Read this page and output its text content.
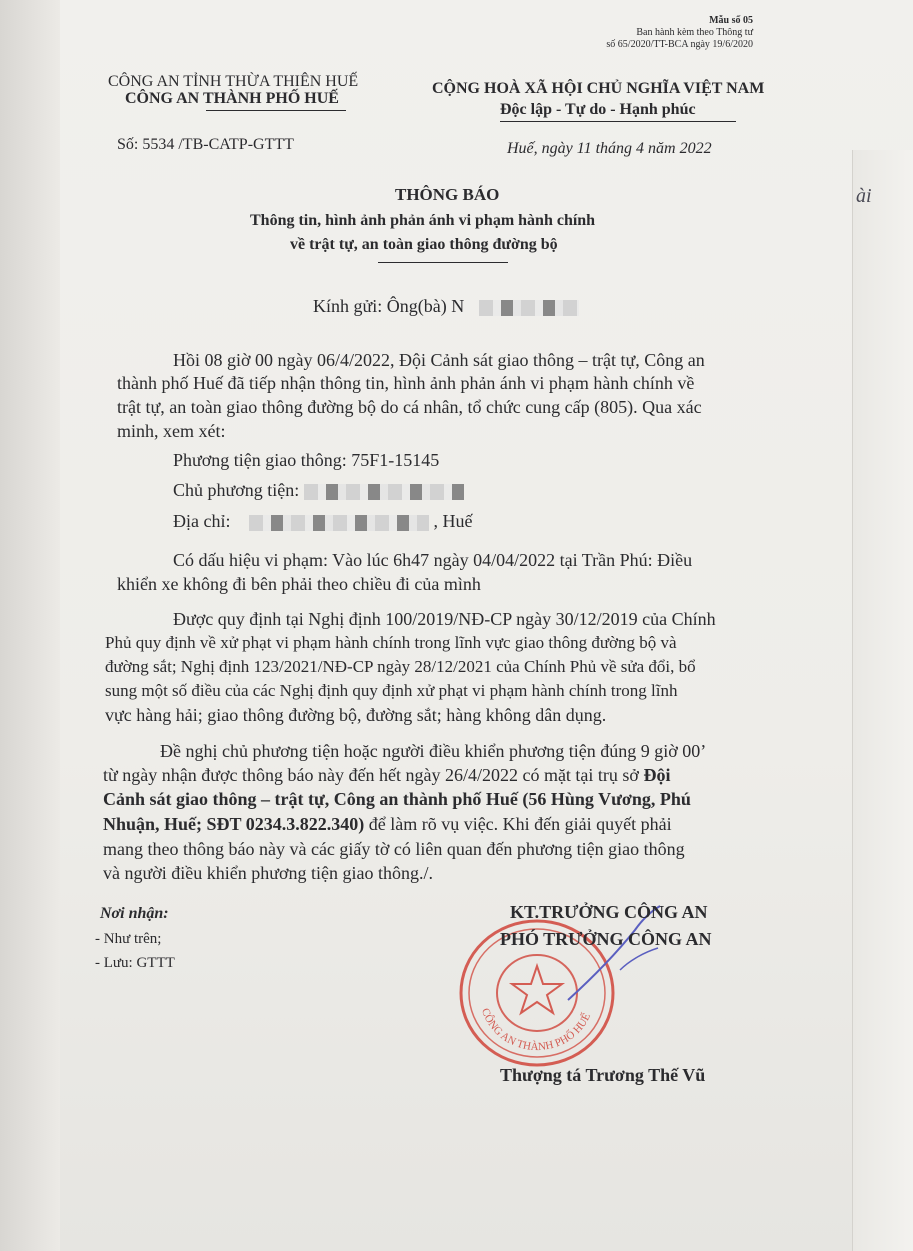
Mẫu số 05
Ban hành kèm theo Thông tư
số 65/2020/TT-BCA ngày 19/6/2020
CÔNG AN TỈNH THỪA THIÊN HUẾ
CÔNG AN THÀNH PHỐ HUẾ
Số: 5534 /TB-CATP-GTTT
CỘNG HOÀ XÃ HỘI CHỦ NGHĨA VIỆT NAM
Độc lập - Tự do - Hạnh phúc
Huế, ngày 11 tháng 4 năm 2022
ài
THÔNG BÁO
Thông tin, hình ảnh phản ánh vi phạm hành chính
về trật tự, an toàn giao thông đường bộ
Kính gửi: Ông(bà) N
Hồi 08 giờ 00 ngày 06/4/2022, Đội Cảnh sát giao thông – trật tự, Công an
thành phố Huế đã tiếp nhận thông tin, hình ảnh phản ánh vi phạm hành chính về
trật tự, an toàn giao thông đường bộ do cá nhân, tổ chức cung cấp (805). Qua xác
minh, xem xét:
Phương tiện giao thông: 75F1-15145
Chủ phương tiện:
Địa chỉ:	, Huế
Có dấu hiệu vi phạm: Vào lúc 6h47 ngày 04/04/2022 tại Trần Phú: Điều
khiển xe không đi bên phải theo chiều đi của mình
Được quy định tại Nghị định 100/2019/NĐ-CP ngày 30/12/2019 của Chính
Phủ quy định về xử phạt vi phạm hành chính trong lĩnh vực giao thông đường bộ và
đường sắt; Nghị định 123/2021/NĐ-CP ngày 28/12/2021 của Chính Phủ về sửa đổi, bổ
sung một số điều của các Nghị định quy định xử phạt vi phạm hành chính trong lĩnh
vực hàng hải; giao thông đường bộ, đường sắt; hàng không dân dụng.
Đề nghị chủ phương tiện hoặc người điều khiển phương tiện đúng 9 giờ 00’
từ ngày nhận được thông báo này đến hết ngày 26/4/2022 có mặt tại trụ sở Đội
Cảnh sát giao thông – trật tự, Công an thành phố Huế (56 Hùng Vương, Phú
Nhuận, Huế; SĐT 0234.3.822.340) để làm rõ vụ việc. Khi đến giải quyết phải
mang theo thông báo này và các giấy tờ có liên quan đến phương tiện giao thông
và người điều khiển phương tiện giao thông./.
Nơi nhận:
- Như trên;
- Lưu: GTTT
CÔNG AN THÀNH PHỐ HUẾ
KT.TRƯỞNG CÔNG AN
PHÓ TRƯỞNG CÔNG AN
Thượng tá Trương Thế Vũ
